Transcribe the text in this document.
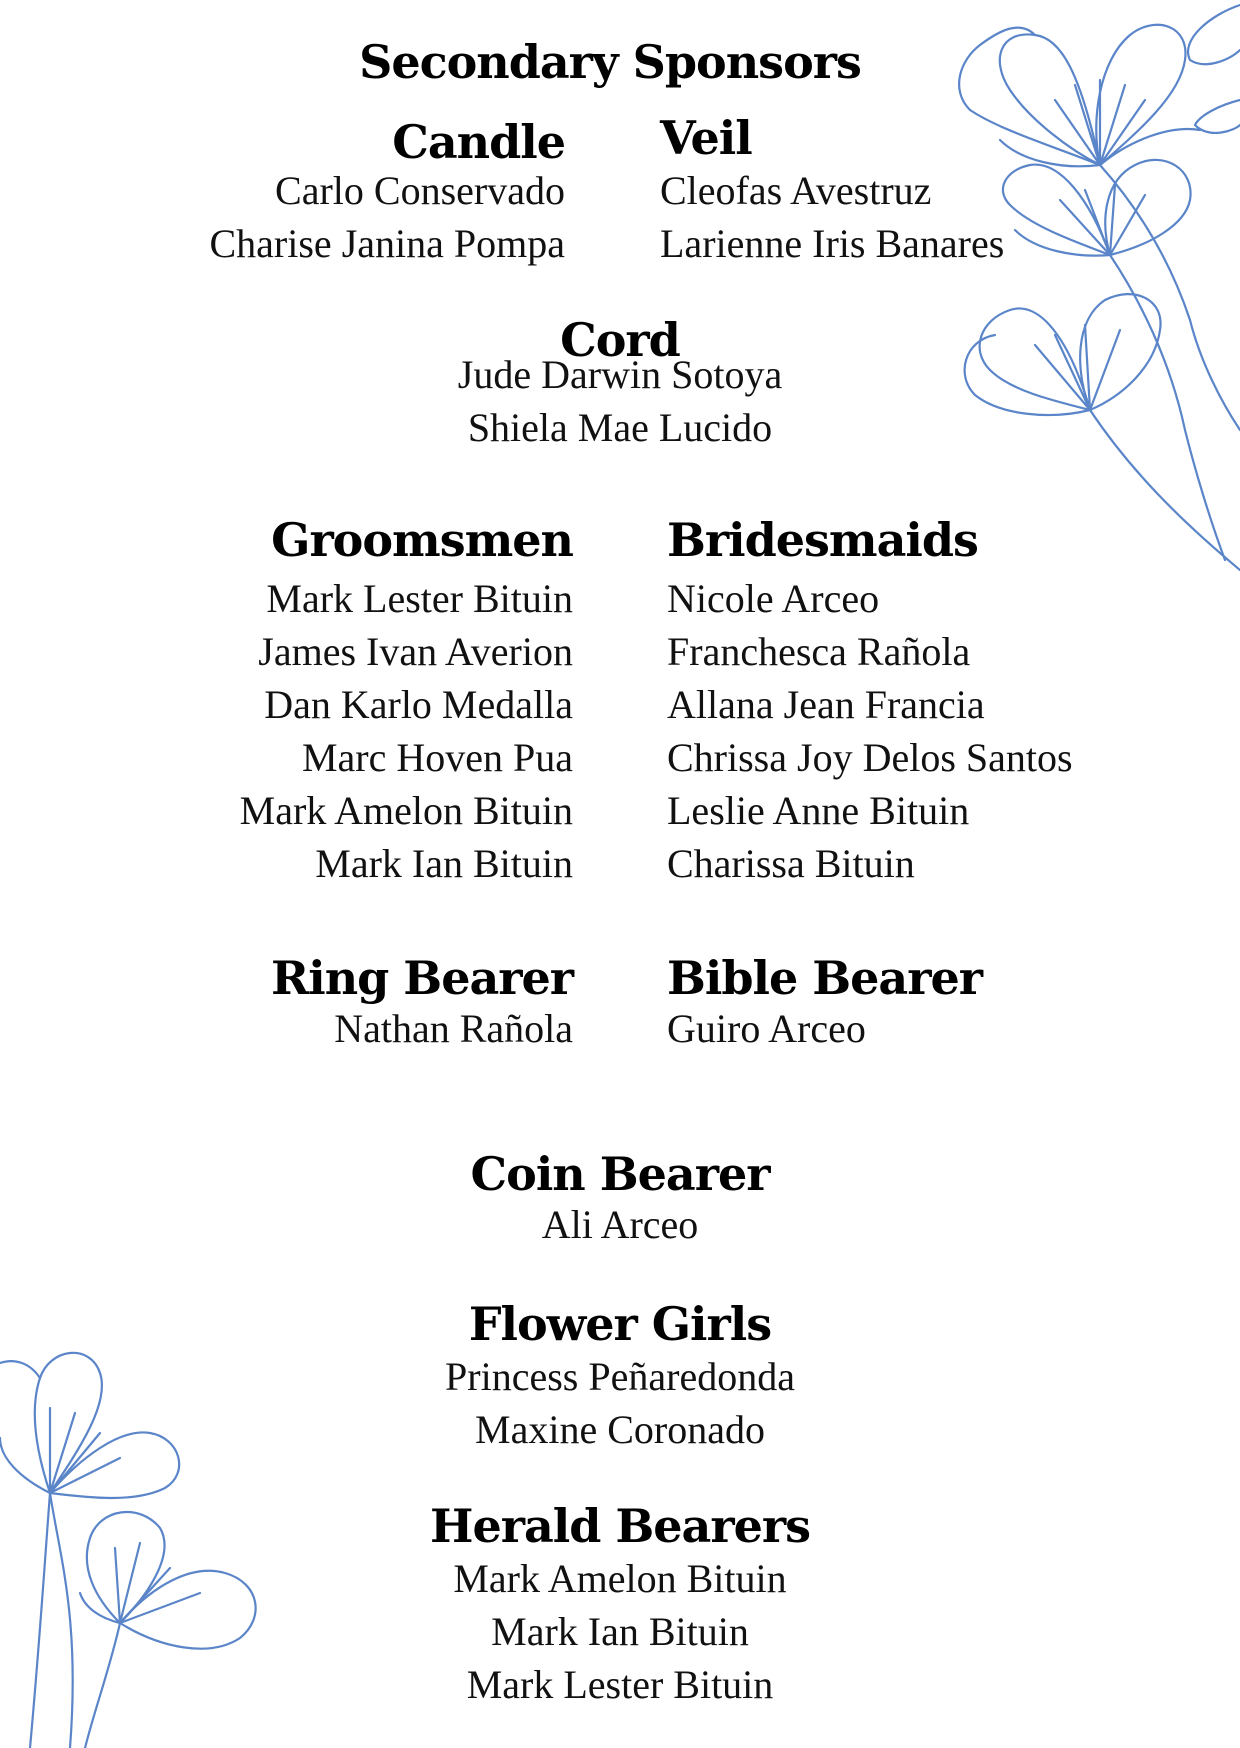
Secondary Sponsors
Candle
Carlo Conservado
Charise Janina Pompa
Veil
Cleofas Avestruz
Larienne Iris Banares
Cord
Jude Darwin Sotoya
Shiela Mae Lucido
Groomsmen
Mark Lester Bituin
James Ivan Averion
Dan Karlo Medalla
Marc Hoven Pua
Mark Amelon Bituin
Mark Ian Bituin
Bridesmaids
Nicole Arceo
Franchesca Rañola
Allana Jean Francia
Chrissa Joy Delos Santos
Leslie Anne Bituin
Charissa Bituin
Ring Bearer
Nathan Rañola
Bible Bearer
Guiro Arceo
Coin Bearer
Ali Arceo
Flower Girls
Princess Peñaredonda
Maxine Coronado
Herald Bearers
Mark Amelon Bituin
Mark Ian Bituin
Mark Lester Bituin
